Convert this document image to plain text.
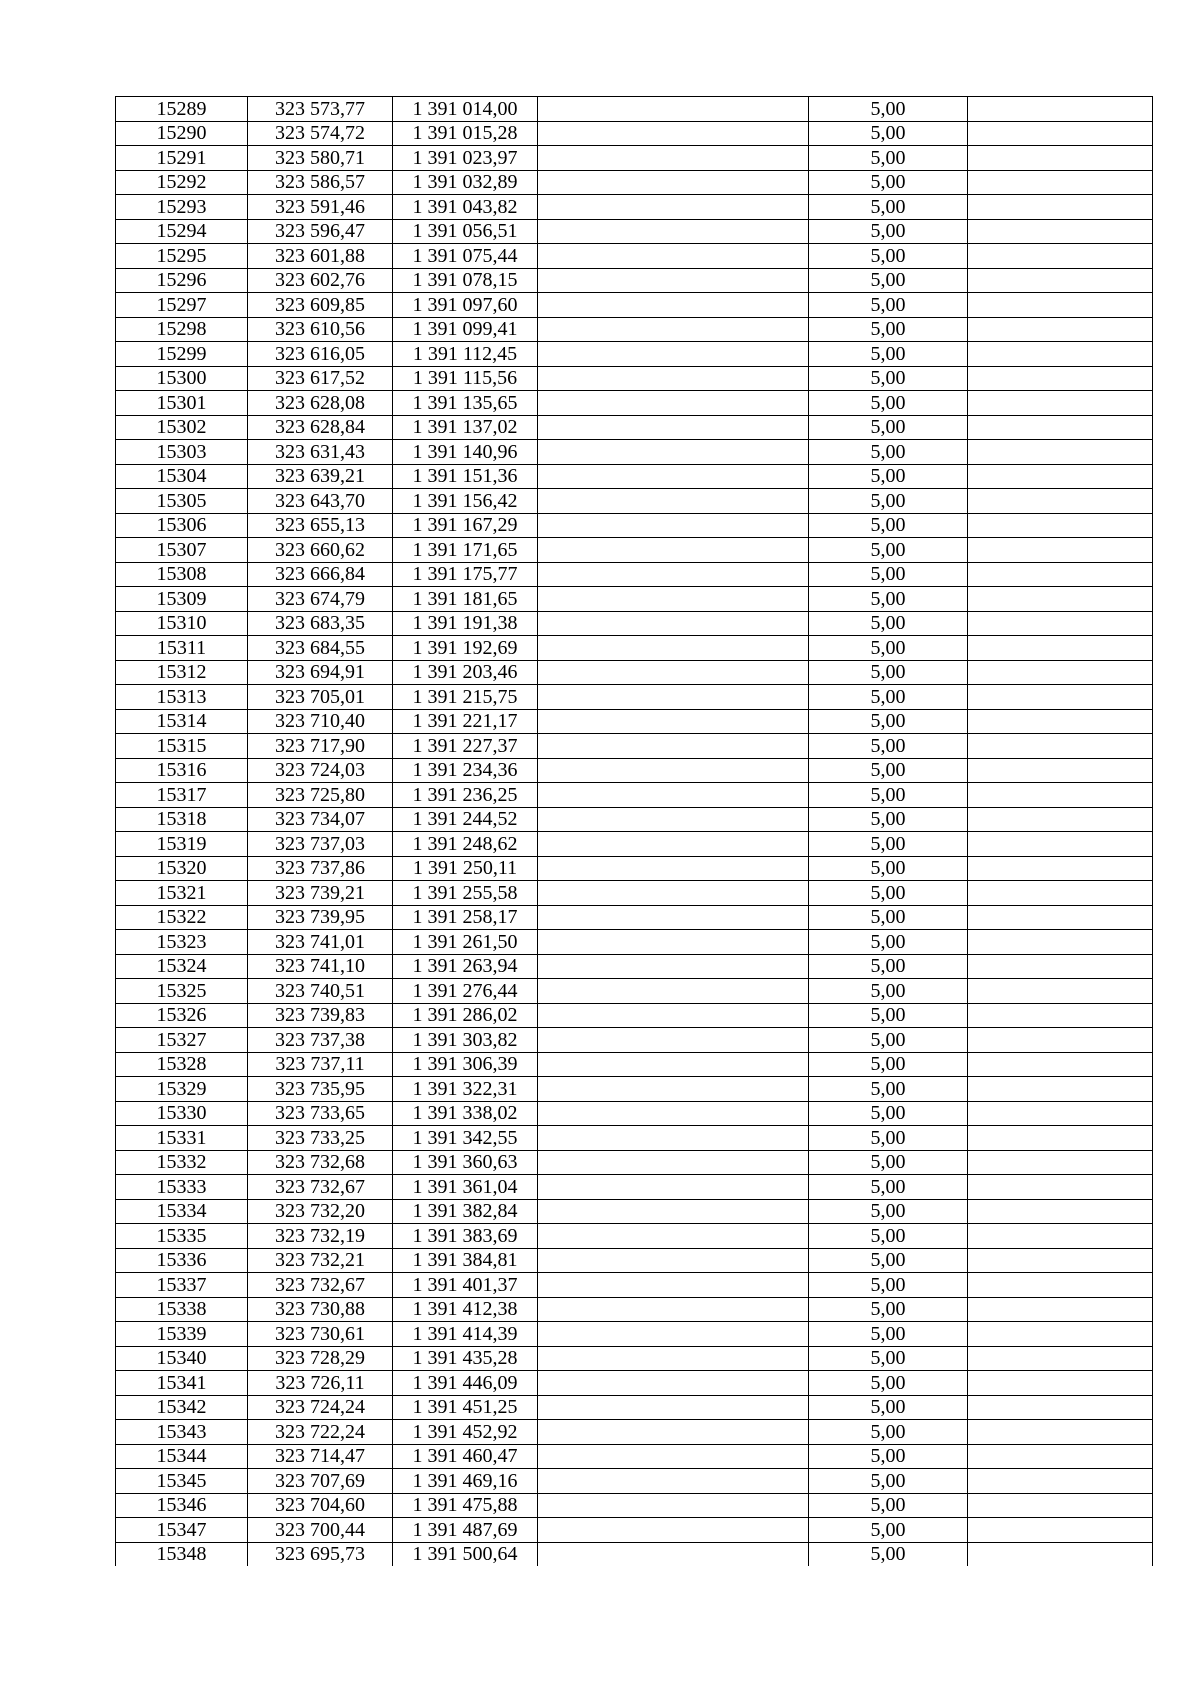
15289	323 573,77	1 391 014,00		5,00	
15290	323 574,72	1 391 015,28		5,00	
15291	323 580,71	1 391 023,97		5,00	
15292	323 586,57	1 391 032,89		5,00	
15293	323 591,46	1 391 043,82		5,00	
15294	323 596,47	1 391 056,51		5,00	
15295	323 601,88	1 391 075,44		5,00	
15296	323 602,76	1 391 078,15		5,00	
15297	323 609,85	1 391 097,60		5,00	
15298	323 610,56	1 391 099,41		5,00	
15299	323 616,05	1 391 112,45		5,00	
15300	323 617,52	1 391 115,56		5,00	
15301	323 628,08	1 391 135,65		5,00	
15302	323 628,84	1 391 137,02		5,00	
15303	323 631,43	1 391 140,96		5,00	
15304	323 639,21	1 391 151,36		5,00	
15305	323 643,70	1 391 156,42		5,00	
15306	323 655,13	1 391 167,29		5,00	
15307	323 660,62	1 391 171,65		5,00	
15308	323 666,84	1 391 175,77		5,00	
15309	323 674,79	1 391 181,65		5,00	
15310	323 683,35	1 391 191,38		5,00	
15311	323 684,55	1 391 192,69		5,00	
15312	323 694,91	1 391 203,46		5,00	
15313	323 705,01	1 391 215,75		5,00	
15314	323 710,40	1 391 221,17		5,00	
15315	323 717,90	1 391 227,37		5,00	
15316	323 724,03	1 391 234,36		5,00	
15317	323 725,80	1 391 236,25		5,00	
15318	323 734,07	1 391 244,52		5,00	
15319	323 737,03	1 391 248,62		5,00	
15320	323 737,86	1 391 250,11		5,00	
15321	323 739,21	1 391 255,58		5,00	
15322	323 739,95	1 391 258,17		5,00	
15323	323 741,01	1 391 261,50		5,00	
15324	323 741,10	1 391 263,94		5,00	
15325	323 740,51	1 391 276,44		5,00	
15326	323 739,83	1 391 286,02		5,00	
15327	323 737,38	1 391 303,82		5,00	
15328	323 737,11	1 391 306,39		5,00	
15329	323 735,95	1 391 322,31		5,00	
15330	323 733,65	1 391 338,02		5,00	
15331	323 733,25	1 391 342,55		5,00	
15332	323 732,68	1 391 360,63		5,00	
15333	323 732,67	1 391 361,04		5,00	
15334	323 732,20	1 391 382,84		5,00	
15335	323 732,19	1 391 383,69		5,00	
15336	323 732,21	1 391 384,81		5,00	
15337	323 732,67	1 391 401,37		5,00	
15338	323 730,88	1 391 412,38		5,00	
15339	323 730,61	1 391 414,39		5,00	
15340	323 728,29	1 391 435,28		5,00	
15341	323 726,11	1 391 446,09		5,00	
15342	323 724,24	1 391 451,25		5,00	
15343	323 722,24	1 391 452,92		5,00	
15344	323 714,47	1 391 460,47		5,00	
15345	323 707,69	1 391 469,16		5,00	
15346	323 704,60	1 391 475,88		5,00	
15347	323 700,44	1 391 487,69		5,00	
15348	323 695,73	1 391 500,64		5,00	
